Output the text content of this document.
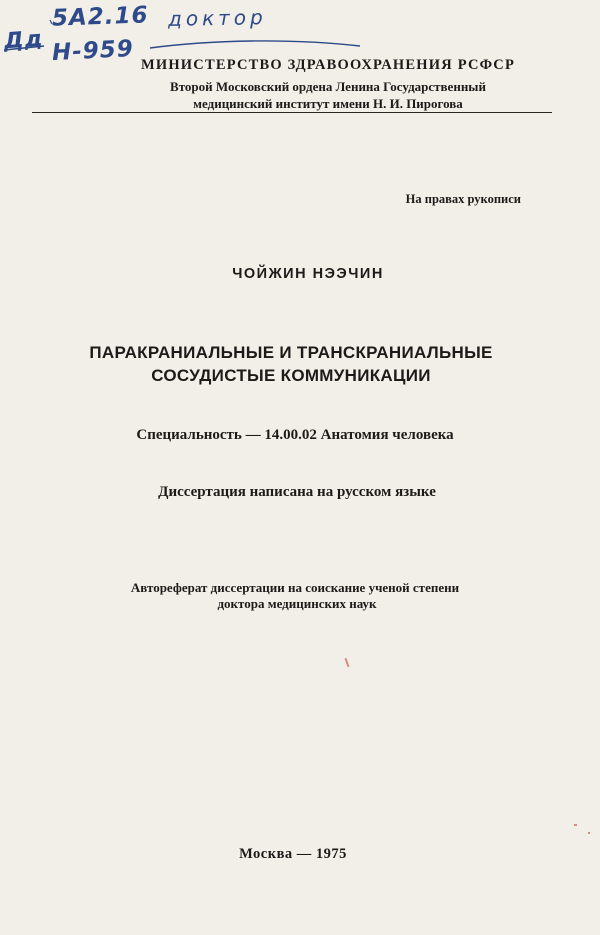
5А2.16
Н-959
Дд
доктор
МИНИСТЕРСТВО ЗДРАВООХРАНЕНИЯ РСФСР
Второй Московский ордена Ленина Государственный
медицинский институт имени Н. И. Пирогова
На правах рукописи
ЧОЙЖИН НЭЭЧИН
ПАРАКРАНИАЛЬНЫЕ И ТРАНСКРАНИАЛЬНЫЕ
СОСУДИСТЫЕ КОММУНИКАЦИИ
Специальность — 14.00.02 Анатомия человека
Диссертация написана на русском языке
Автореферат диссертации на соискание ученой степени
доктора медицинских наук
Москва — 1975
